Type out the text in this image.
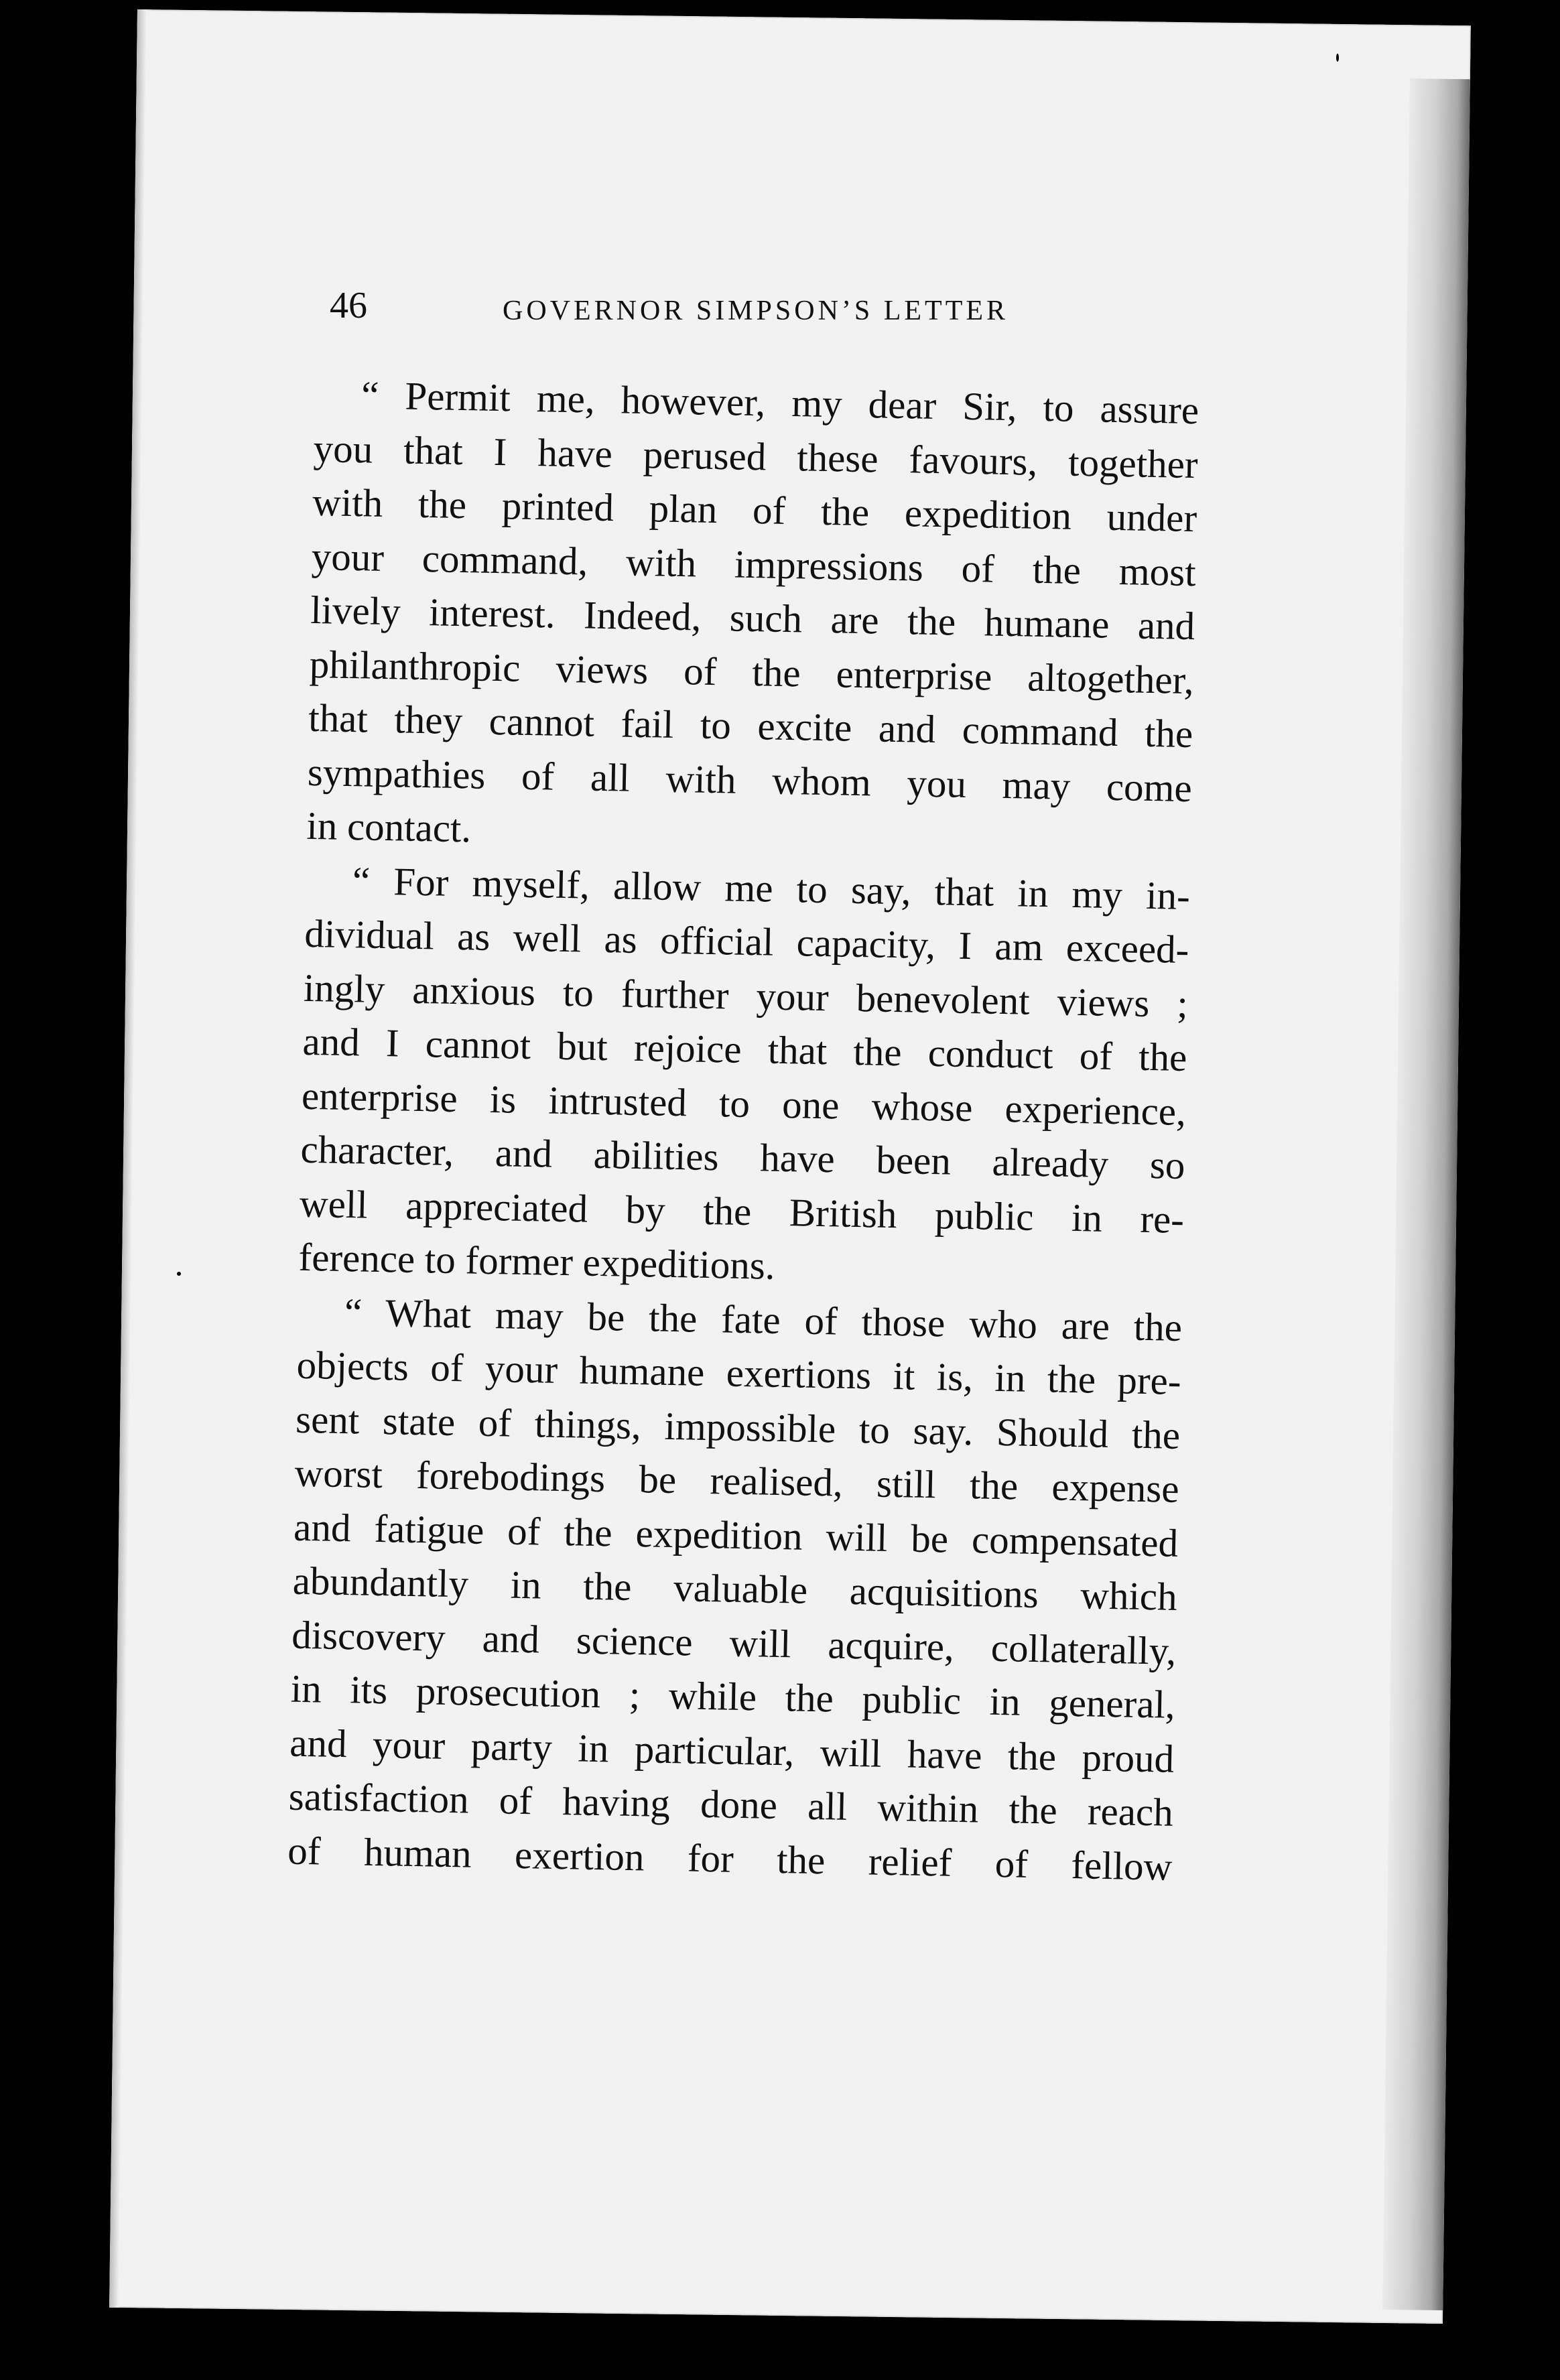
46	GOVERNOR SIMPSON’S LETTER
“ Permit me, however, my dear Sir, to assure
you that I have perused these favours, together
with the printed plan of the expedition under
your command, with impressions of the most
lively interest. Indeed, such are the humane and
philanthropic views of the enterprise altogether,
that they cannot fail to excite and command the
sympathies of all with whom you may come
in contact.
“ For myself, allow me to say, that in my in-
dividual as well as official capacity, I am exceed-
ingly anxious to further your benevolent views ;
and I cannot but rejoice that the conduct of the
enterprise is intrusted to one whose experience,
character, and abilities have been already so
well appreciated by the British public in re-
ference to former expeditions.
“ What may be the fate of those who are the
objects of your humane exertions it is, in the pre-
sent state of things, impossible to say. Should the
worst forebodings be realised, still the expense
and fatigue of the expedition will be compensated
abundantly in the valuable acquisitions which
discovery and science will acquire, collaterally,
in its prosecution ; while the public in general,
and your party in particular, will have the proud
satisfaction of having done all within the reach
of human exertion for the relief of fellow
